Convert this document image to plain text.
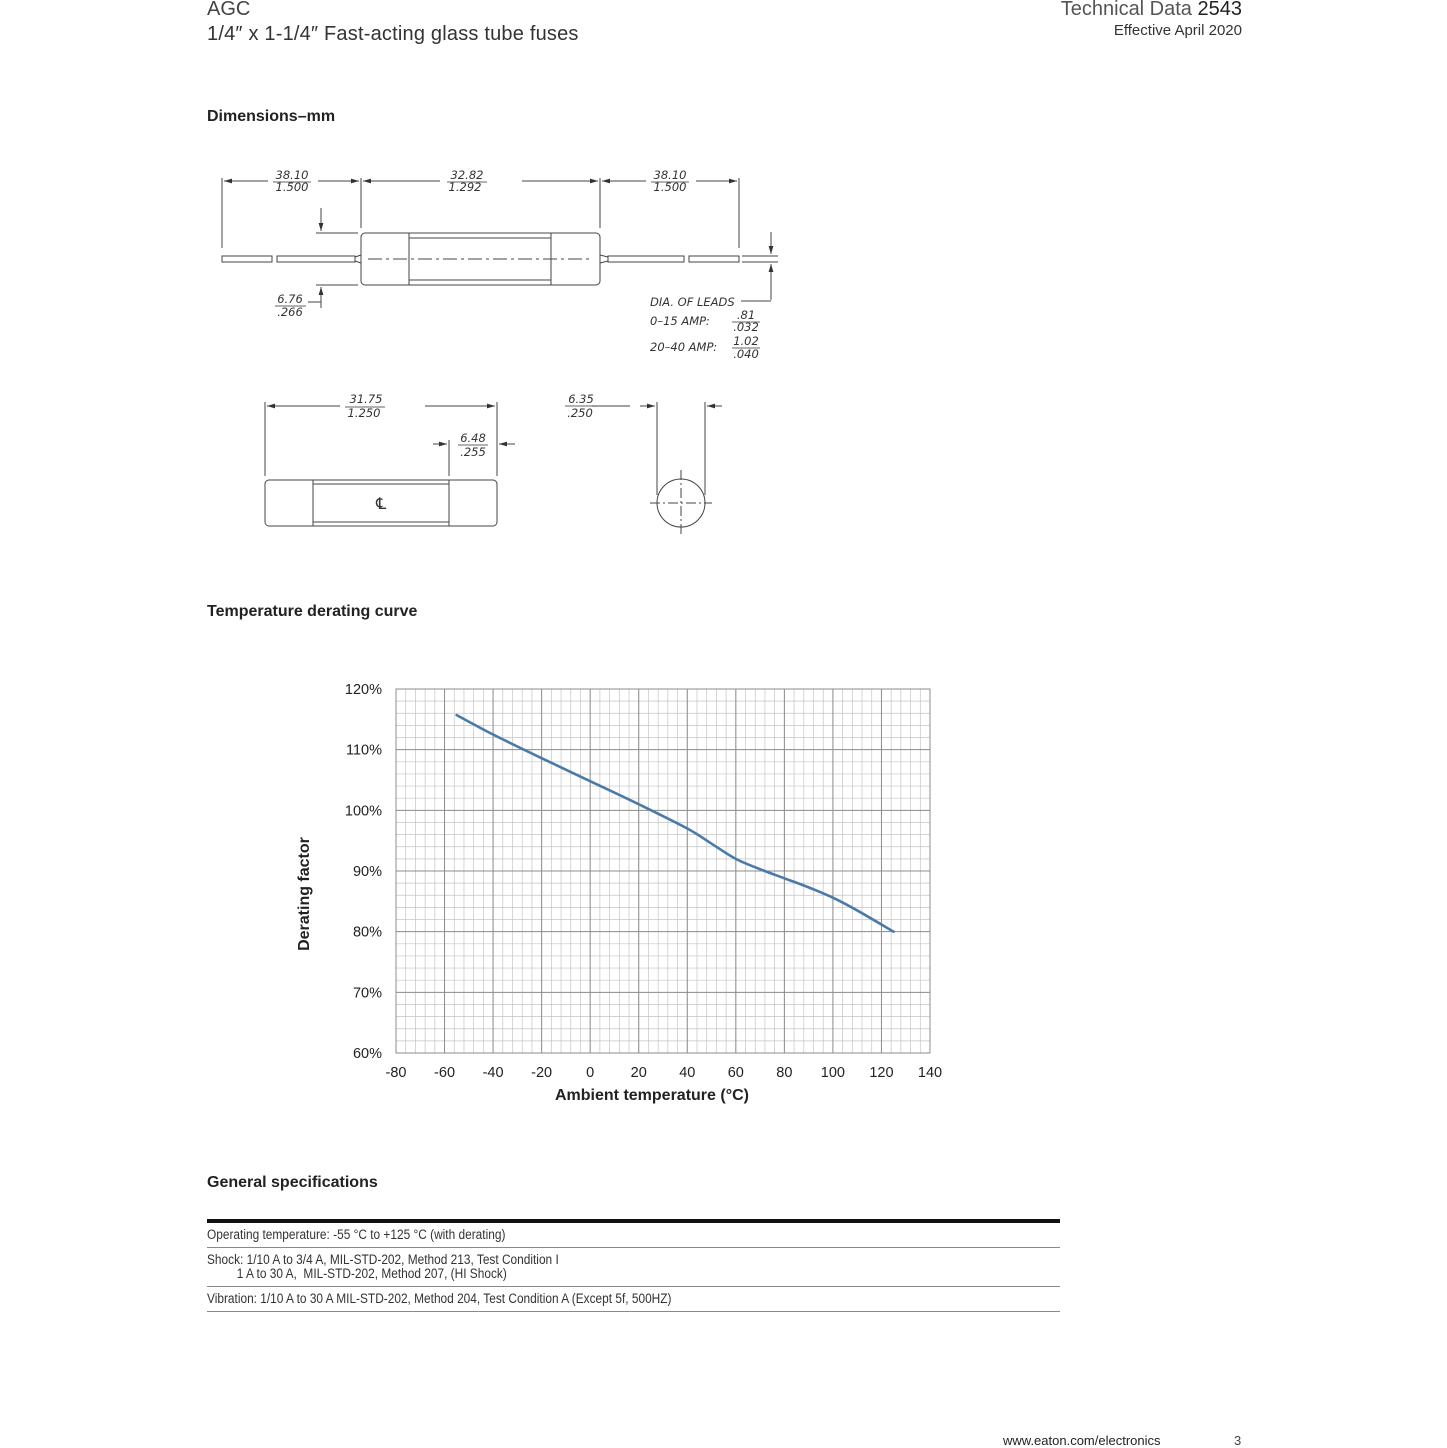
AGC
1/4″ x 1-1/4″ Fast-acting glass tube fuses
Technical Data 2543
Effective April 2020
Dimensions–mm
38.10
1.500
32.82
1.292
38.10
1.500
6.76
.266
DIA. OF LEADS
0–15 AMP: .81
.032
20–40 AMP: 1.02
.040
31.75
1.250
6.48
.255
℄
6.35
.250
Temperature derating curve
-80 -60 -40 -20 0	20 40 60 80 100 120 140
60%
70%
80%
90%
100%
110%
120%
Ambient temperature (°C)
Derating factor
General specifications
Operating temperature: -55 °C to +125 °C (with derating)
Shock: 1/10 A to 3/4 A, MIL-STD-202, Method 213, Test Condition I
1 A to 30 A,  MIL-STD-202, Method 207, (HI Shock)
Vibration: 1/10 A to 30 A MIL-STD-202, Method 204, Test Condition A (Except 5f, 500HZ)
www.eaton.com/electronics	3
